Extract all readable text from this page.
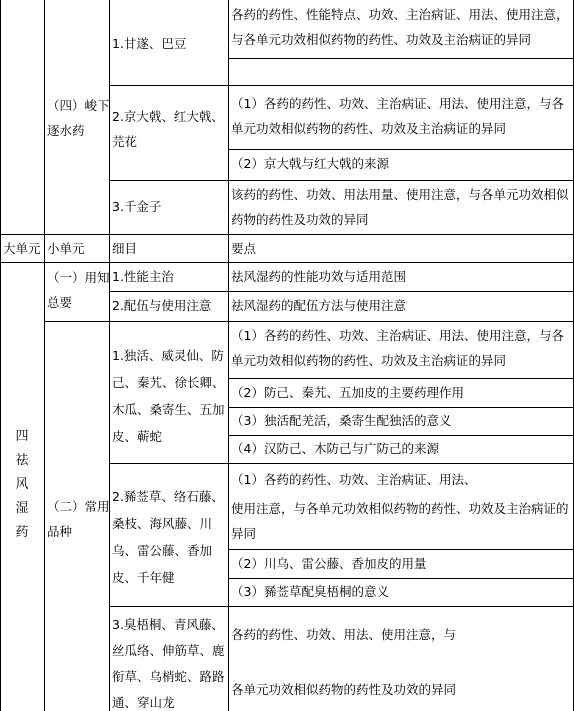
（四）峻下
逐水药
1.甘遂、巴豆
各药的药性、性能特点、功效、主治病证、用法、使用注意，
与各单元功效相似药物的药性、功效及主治病证的异同
2.京大戟、红大戟、
芫花
（1）各药的药性、功效、主治病证、用法、使用注意，与各
单元功效相似药物的药性、功效及主治病证的异同
（2）京大戟与红大戟的来源
3.千金子
该药的药性、功效、用法用量、使用注意，与各单元功效相似
药物的药性及功效的异同
大单元 小单元 细目	要点
四
祛
风
湿
药
（一）用知
总要
1.性能主治	祛风湿药的性能功效与适用范围
2.配伍与使用注意 祛风湿药的配伍方法与使用注意
（二）常用
品种
1.独活、威灵仙、防
己、秦艽、徐长卿、
木瓜、桑寄生、五加
皮、蕲蛇
（1）各药的药性、功效、主治病证、用法、使用注意，与各
单元功效相似药物的药性、功效及主治病证的异同
（2）防己、秦艽、五加皮的主要药理作用
（3）独活配羌活，桑寄生配独活的意义
（4）汉防己、木防己与广防己的来源
2.豨莶草、络石藤、
桑枝、海风藤、川
乌、雷公藤、香加
皮、千年健
（1）各药的药性、功效、主治病证、用法、
使用注意，与各单元功效相似药物的药性、功效及主治病证的
异同
（2）川乌、雷公藤、香加皮的用量
（3）豨莶草配臭梧桐的意义
3.臭梧桐、青风藤、
丝瓜络、伸筋草、鹿
衔草、乌梢蛇、路路
通、穿山龙
各药的药性、功效、用法、使用注意，与
各单元功效相似药物的药性及功效的异同
